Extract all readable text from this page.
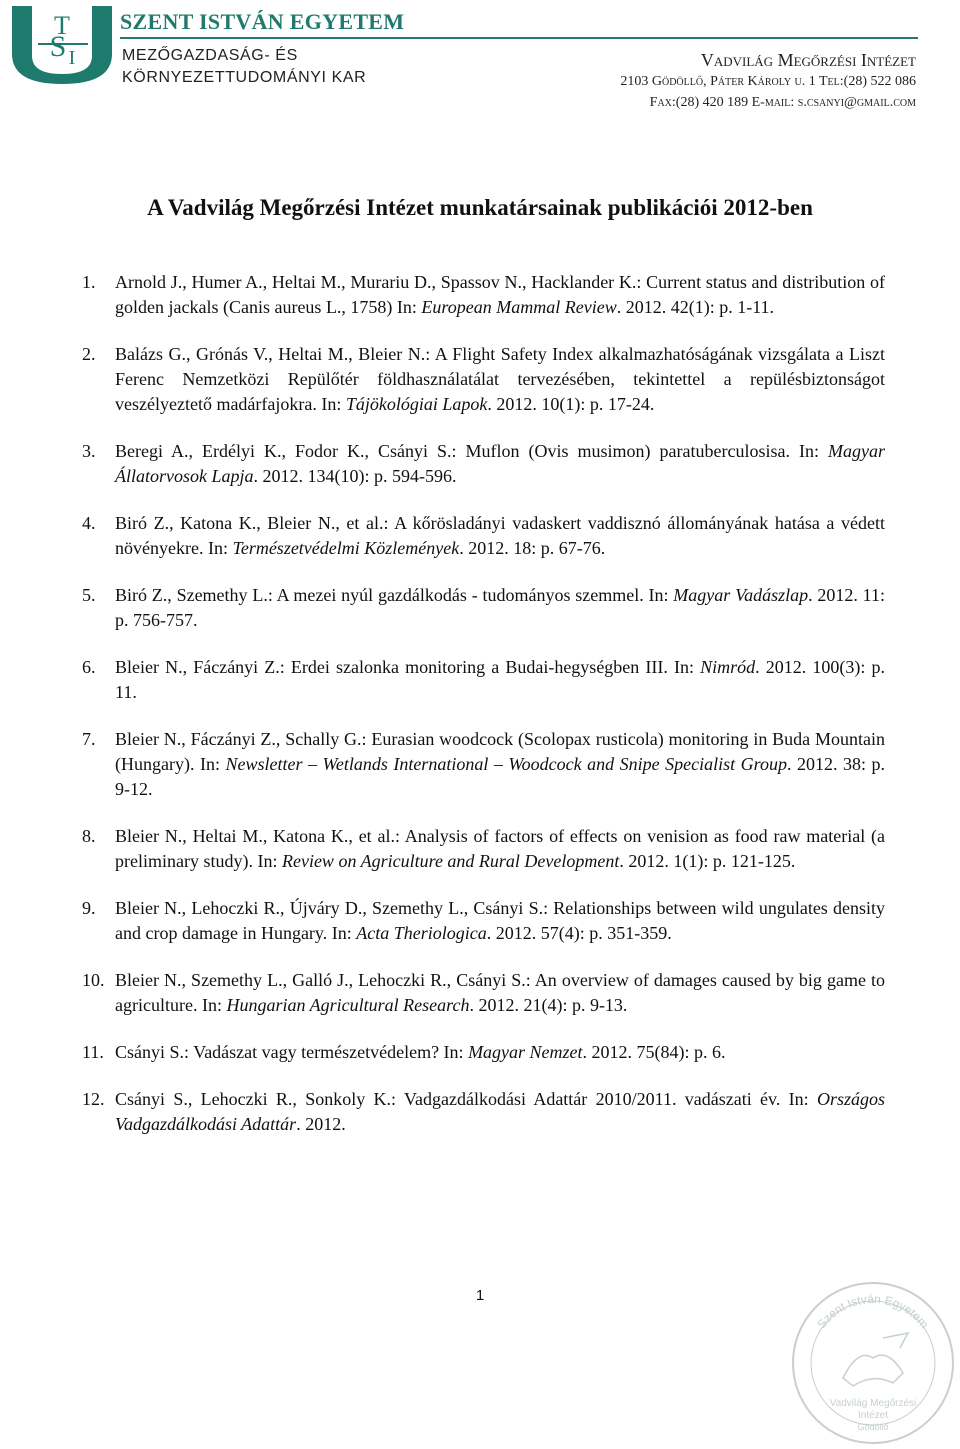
T
S I
SZENT ISTVÁN EGYETEM
MEZŐGAZDASÁG- ÉS
KÖRNYEZETTUDOMÁNYI KAR
Vadvilág Megőrzési Intézet
2103 Gödöllő, Páter Károly u. 1 Tel:(28) 522 086
Fax:(28) 420 189 E-mail: s.csanyi@gmail.com
A Vadvilág Megőrzési Intézet munkatársainak publikációi 2012-ben
1. Arnold J., Humer A., Heltai M., Murariu D., Spassov N., Hacklander K.: Current status and distribution of golden jackals (Canis aureus L., 1758) In: European Mammal Review. 2012. 42(1): p. 1-11.
2. Balázs G., Grónás V., Heltai M., Bleier N.: A Flight Safety Index alkalmazhatóságának vizsgálata a Liszt Ferenc Nemzetközi Repülőtér földhasználatálat tervezésében, tekintettel a repülésbiztonságot veszélyeztető madárfajokra. In: Tájökológiai Lapok. 2012. 10(1): p. 17-24.
3. Beregi A., Erdélyi K., Fodor K., Csányi S.: Muflon (Ovis musimon) paratuberculosisa. In: Magyar Állatorvosok Lapja. 2012. 134(10): p. 594-596.
4. Biró Z., Katona K., Bleier N., et al.: A kőrösladányi vadaskert vaddisznó állományának hatása a védett növényekre. In: Természetvédelmi Közlemények. 2012. 18: p. 67-76.
5. Biró Z., Szemethy L.: A mezei nyúl gazdálkodás - tudományos szemmel. In: Magyar Vadászlap. 2012. 11: p. 756-757.
6. Bleier N., Fáczányi Z.: Erdei szalonka monitoring a Budai-hegységben III. In: Nimród. 2012. 100(3): p. 11.
7. Bleier N., Fáczányi Z., Schally G.: Eurasian woodcock (Scolopax rusticola) monitoring in Buda Mountain (Hungary). In: Newsletter – Wetlands International – Woodcock and Snipe Specialist Group. 2012. 38: p. 9-12.
8. Bleier N., Heltai M., Katona K., et al.: Analysis of factors of effects on venision as food raw material (a preliminary study). In: Review on Agriculture and Rural Development. 2012. 1(1): p. 121-125.
9. Bleier N., Lehoczki R., Újváry D., Szemethy L., Csányi S.: Relationships between wild ungulates density and crop damage in Hungary. In: Acta Theriologica. 2012. 57(4): p. 351-359.
10. Bleier N., Szemethy L., Galló J., Lehoczki R., Csányi S.: An overview of damages caused by big game to agriculture. In: Hungarian Agricultural Research. 2012. 21(4): p. 9-13.
11. Csányi S.: Vadászat vagy természetvédelem? In: Magyar Nemzet. 2012. 75(84): p. 6.
12. Csányi S., Lehoczki R., Sonkoly K.: Vadgazdálkodási Adattár 2010/2011. vadászati év. In: Országos Vadgazdálkodási Adattár. 2012.
1
Szent István Egyetem
Vadvilág Megőrzési
Intézet
Gödöllő
